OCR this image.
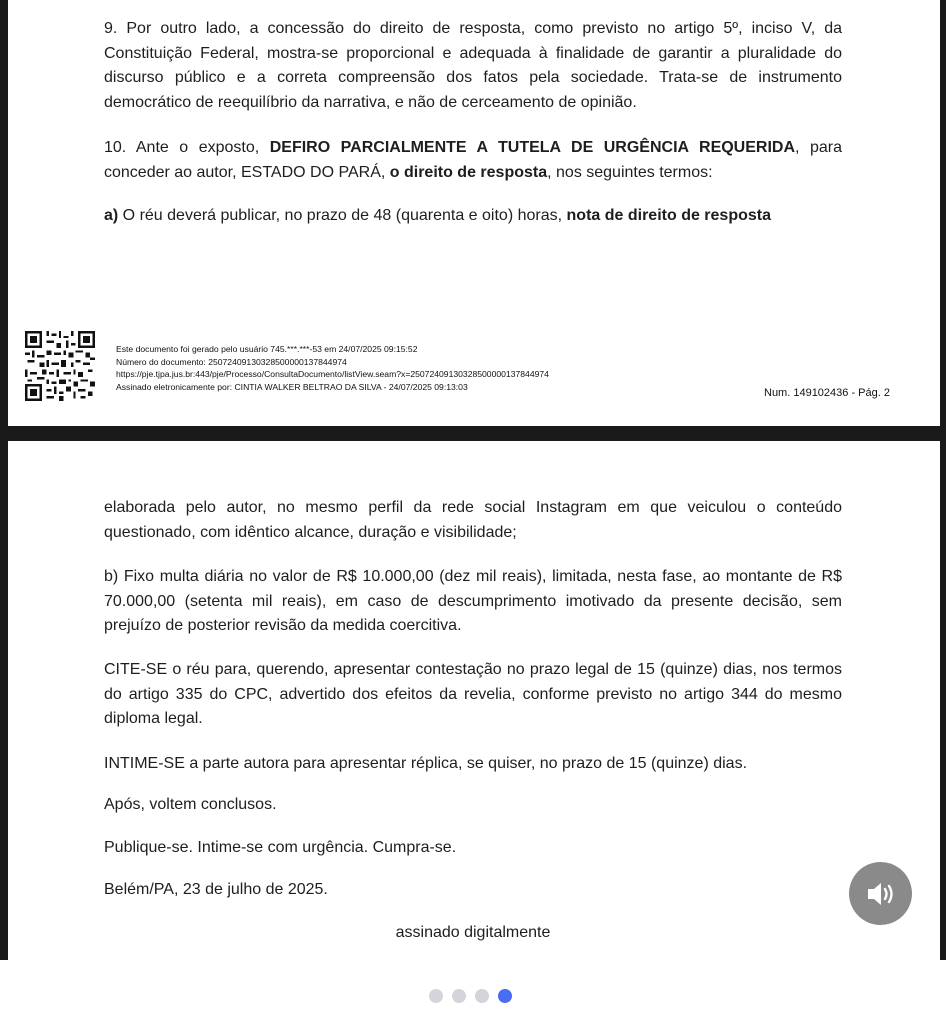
9. Por outro lado, a concessão do direito de resposta, como previsto no artigo 5º, inciso V, da Constituição Federal, mostra-se proporcional e adequada à finalidade de garantir a pluralidade do discurso público e a correta compreensão dos fatos pela sociedade. Trata-se de instrumento democrático de reequilíbrio da narrativa, e não de cerceamento de opinião.

10. Ante o exposto, DEFIRO PARCIALMENTE A TUTELA DE URGÊNCIA REQUERIDA, para conceder ao autor, ESTADO DO PARÁ, o direito de resposta, nos seguintes termos:

a) O réu deverá publicar, no prazo de 48 (quarenta e oito) horas, nota de direito de resposta

Este documento foi gerado pelo usuário 745.***.***-53 em 24/07/2025 09:15:52
Número do documento: 25072409130328500000137844974
https://pje.tjpa.jus.br:443/pje/Processo/ConsultaDocumento/listView.seam?x=25072409130328500000137844974
Assinado eletronicamente por: CINTIA WALKER BELTRAO DA SILVA - 24/07/2025 09:13:03
Num. 149102436 - Pág. 2

elaborada pelo autor, no mesmo perfil da rede social Instagram em que veiculou o conteúdo questionado, com idêntico alcance, duração e visibilidade;

b) Fixo multa diária no valor de R$ 10.000,00 (dez mil reais), limitada, nesta fase, ao montante de R$ 70.000,00 (setenta mil reais), em caso de descumprimento imotivado da presente decisão, sem prejuízo de posterior revisão da medida coercitiva.

CITE-SE o réu para, querendo, apresentar contestação no prazo legal de 15 (quinze) dias, nos termos do artigo 335 do CPC, advertido dos efeitos da revelia, conforme previsto no artigo 344 do mesmo diploma legal.

INTIME-SE a parte autora para apresentar réplica, se quiser, no prazo de 15 (quinze) dias.

Após, voltem conclusos.

Publique-se. Intime-se com urgência. Cumpra-se.

Belém/PA, 23 de julho de 2025.

assinado digitalmente
